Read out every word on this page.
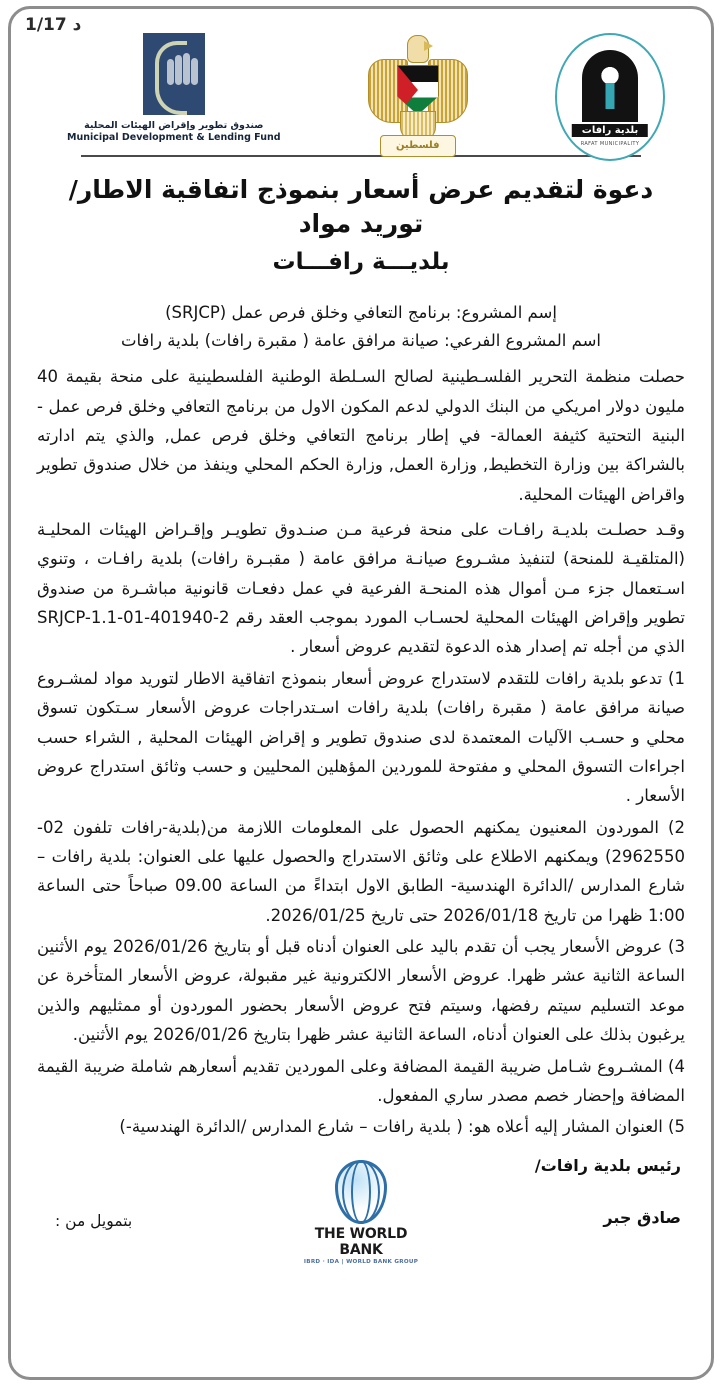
د 1/17
صندوق تطوير وإقراض الهيئات المحلية
Municipal Development & Lending Fund
فلسطين
بلدية رافات
RAFAT MUNICIPALITY
دعوة لتقديم عرض أسعار بنموذج اتفاقية الاطار/ توريد مواد
بلديـــة رافـــات
إسم المشروع: برنامج التعافي وخلق فرص عمل (SRJCP)
اسم المشروع الفرعي: صيانة مرافق عامة ( مقبرة رافات) بلدية رافات
حصلت منظمة التحرير الفلسـطينية لصالح السـلطة الوطنية الفلسطينية على منحة بقيمة 40 مليون دولار امريكي من البنك الدولي لدعم المكون الاول من برنامج التعافي وخلق فرص عمل - البنية التحتية كثيفة العمالة- في إطار برنامج التعافي وخلق فرص عمل, والذي يتم ادارته بالشراكة بين وزارة التخطيط, وزارة العمل, وزارة الحكم المحلي وينفذ من خلال صندوق تطوير واقراض الهيئات المحلية.
وقـد حصلـت بلديـة رافـات على منحة فرعية مـن صنـدوق تطويـر وإقـراض الهيئات المحليـة (المتلقيـة للمنحة) لتنفيذ مشـروع صيانـة مرافق عامة ( مقبـرة رافات) بلدية رافـات ، وتنوي اسـتعمال جزء مـن أموال هذه المنحـة الفرعية في عمل دفعـات قانونية مباشـرة من صندوق تطوير وإقراض الهيئات المحلية لحسـاب المورد بموجب العقد رقم 2-401940-01-SRJCP-1.1 الذي من أجله تم إصدار هذه الدعوة لتقديم عروض أسعار .
1) تدعو بلدية رافات للتقدم لاستدراج عروض أسعار بنموذج اتفاقية الاطار لتوريد مواد لمشـروع صيانة مرافق عامة ( مقبرة رافات) بلدية رافات اسـتدراجات عروض الأسعار سـتكون تسوق محلي و حسـب الآليات المعتمدة لدى صندوق تطوير و إقراض الهيئات المحلية , الشراء حسب اجراءات التسوق المحلي و مفتوحة للموردين المؤهلين المحليين و حسب وثائق استدراج عروض الأسعار .
2) الموردون المعنيون يمكنهم الحصول على المعلومات اللازمة من(بلدية-رافات تلفون 02-2962550) ويمكنهم الاطلاع على وثائق الاستدراج والحصول عليها على العنوان: بلدية رافات – شارع المدارس /الدائرة الهندسية- الطابق الاول ابتداءً من الساعة 09.00 صباحاً حتى الساعة 1:00 ظهرا من تاريخ 2026/01/18 حتى تاريخ 2026/01/25.
3) عروض الأسعار يجب أن تقدم باليد على العنوان أدناه قبل أو بتاريخ 2026/01/26 يوم الأثنين الساعة الثانية عشر ظهرا. عروض الأسعار الالكترونية غير مقبولة، عروض الأسعار المتأخرة عن موعد التسليم سيتم رفضها، وسيتم فتح عروض الأسعار بحضور الموردون أو ممثليهم والذين يرغبون بذلك على العنوان أدناه، الساعة الثانية عشر ظهرا بتاريخ 2026/01/26 يوم الأثنين.
4) المشـروع شـامل ضريبة القيمة المضافة وعلى الموردين تقديم أسعارهم شاملة ضريبة القيمة المضافة وإحضار خصم مصدر ساري المفعول.
5) العنوان المشار إليه أعلاه هو: ( بلدية رافات – شارع المدارس /الدائرة الهندسية-)
رئيس بلدية رافات/
صادق جبر
بتمويل من :
THE WORLD BANK
IBRD · IDA | WORLD BANK GROUP
